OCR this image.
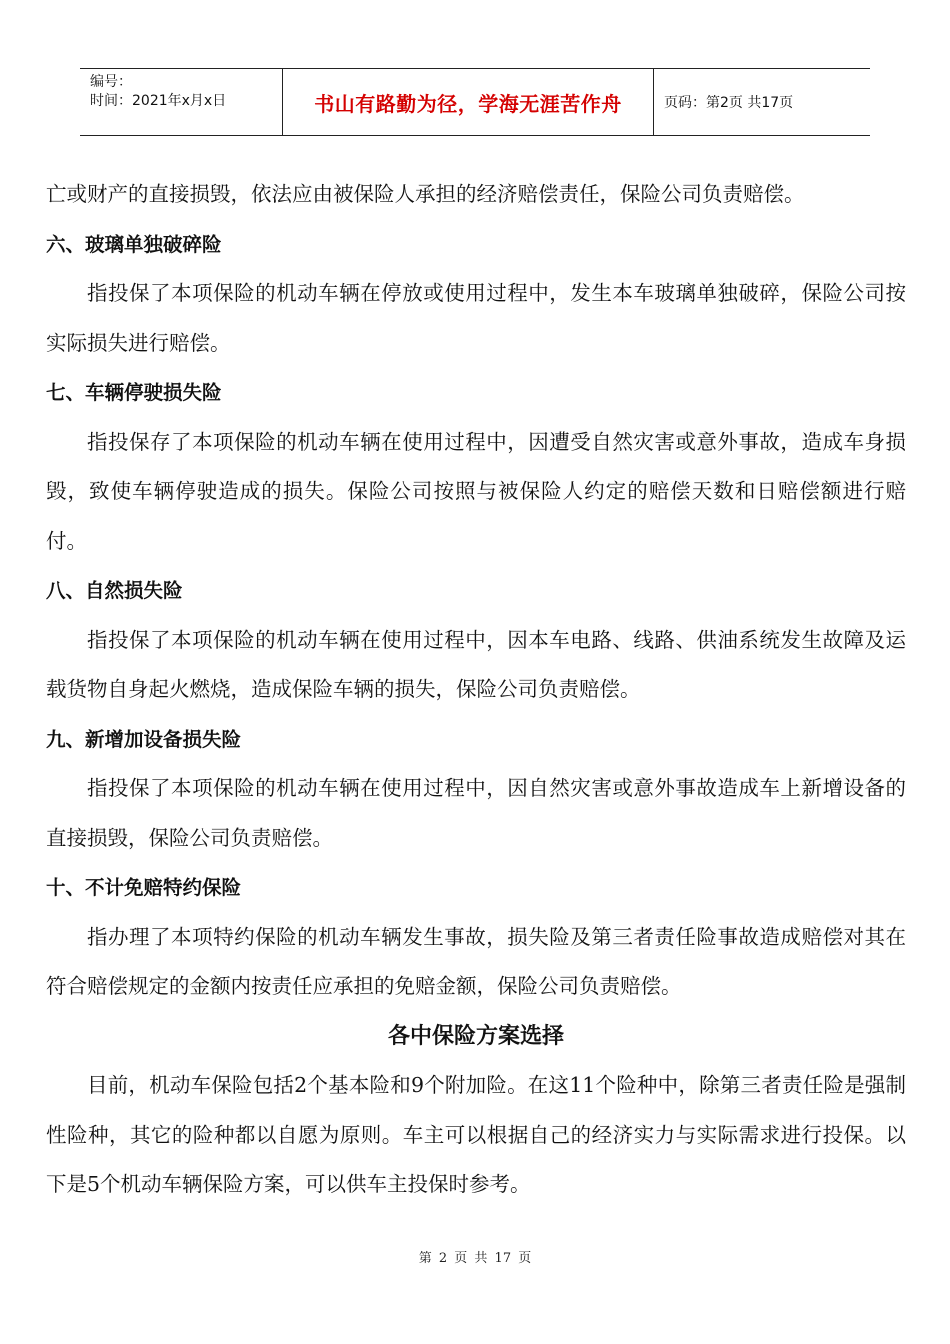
编号：
时间：2021年x月x日	书山有路勤为径，学海无涯苦作舟	页码：第2页 共17页

亡或财产的直接损毁，依法应由被保险人承担的经济赔偿责任，保险公司负责赔偿。

六、玻璃单独破碎险

指投保了本项保险的机动车辆在停放或使用过程中，发生本车玻璃单独破碎，保险公司按实际损失进行赔偿。

七、车辆停驶损失险

指投保存了本项保险的机动车辆在使用过程中，因遭受自然灾害或意外事故，造成车身损毁，致使车辆停驶造成的损失。保险公司按照与被保险人约定的赔偿天数和日赔偿额进行赔付。

八、自然损失险

指投保了本项保险的机动车辆在使用过程中，因本车电路、线路、供油系统发生故障及运载货物自身起火燃烧，造成保险车辆的损失，保险公司负责赔偿。

九、新增加设备损失险

指投保了本项保险的机动车辆在使用过程中，因自然灾害或意外事故造成车上新增设备的直接损毁，保险公司负责赔偿。

十、不计免赔特约保险

指办理了本项特约保险的机动车辆发生事故，损失险及第三者责任险事故造成赔偿对其在符合赔偿规定的金额内按责任应承担的免赔金额，保险公司负责赔偿。

各中保险方案选择

目前，机动车保险包括2个基本险和9个附加险。在这11个险种中，除第三者责任险是强制性险种，其它的险种都以自愿为原则。车主可以根据自己的经济实力与实际需求进行投保。以下是5个机动车辆保险方案，可以供车主投保时参考。

第 2 页 共 17 页
